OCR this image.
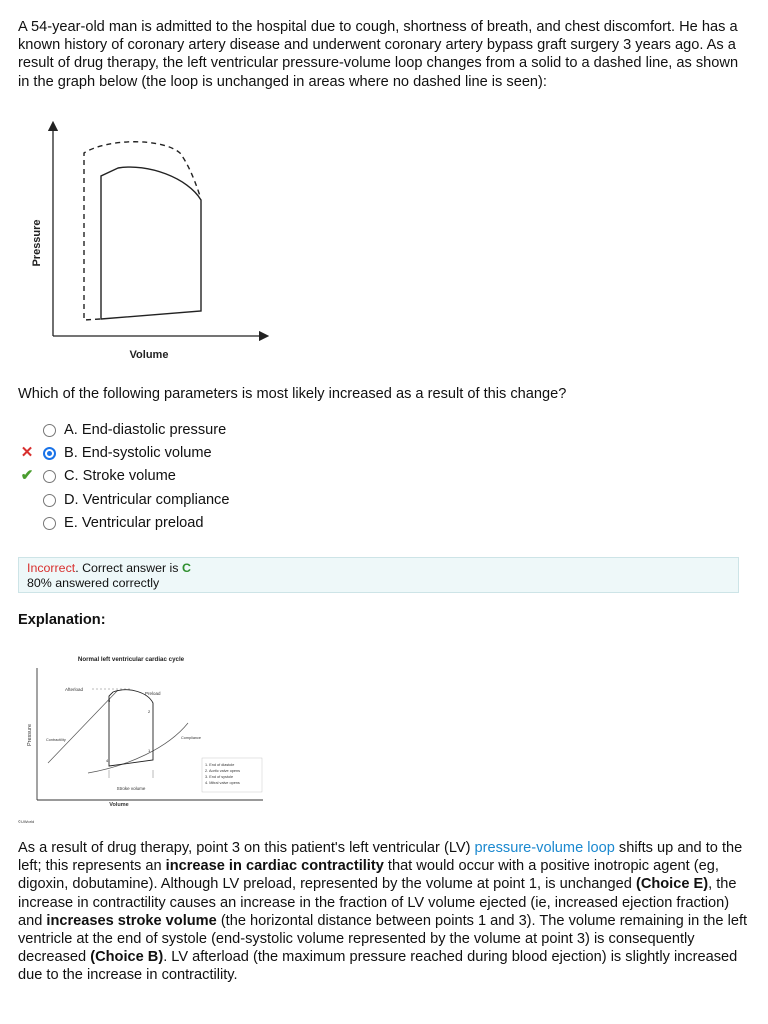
A 54-year-old man is admitted to the hospital due to cough, shortness of breath, and chest discomfort. He has a known history of coronary artery disease and underwent coronary artery bypass graft surgery 3 years ago. As a result of drug therapy, the left ventricular pressure-volume loop changes from a solid to a dashed line, as shown in the graph below (the loop is unchanged in areas where no dashed line is seen):
Pressure
Volume
Which of the following parameters is most likely increased as a result of this change?
A. End-diastolic pressure
✕ B. End-systolic volume
✔ C. Stroke volume
D. Ventricular compliance
E. Ventricular preload
Incorrect. Correct answer is C
80% answered correctly
Explanation:
Normal left ventricular cardiac cycle
Pressure
Volume
Afterload
Preload
Contractility	Compliance
Stroke volume
1
2
3
4
1. End of diastole
2. Aortic valve opens
3. End of systole
4. Mitral valve opens
©UWorld
As a result of drug therapy, point 3 on this patient's left ventricular (LV) pressure-volume loop shifts up and to the left; this represents an increase in cardiac contractility that would occur with a positive inotropic agent (eg, digoxin, dobutamine). Although LV preload, represented by the volume at point 1, is unchanged (Choice E), the increase in contractility causes an increase in the fraction of LV volume ejected (ie, increased ejection fraction) and increases stroke volume (the horizontal distance between points 1 and 3). The volume remaining in the left ventricle at the end of systole (end-systolic volume represented by the volume at point 3) is consequently decreased (Choice B). LV afterload (the maximum pressure reached during blood ejection) is slightly increased due to the increase in contractility.
